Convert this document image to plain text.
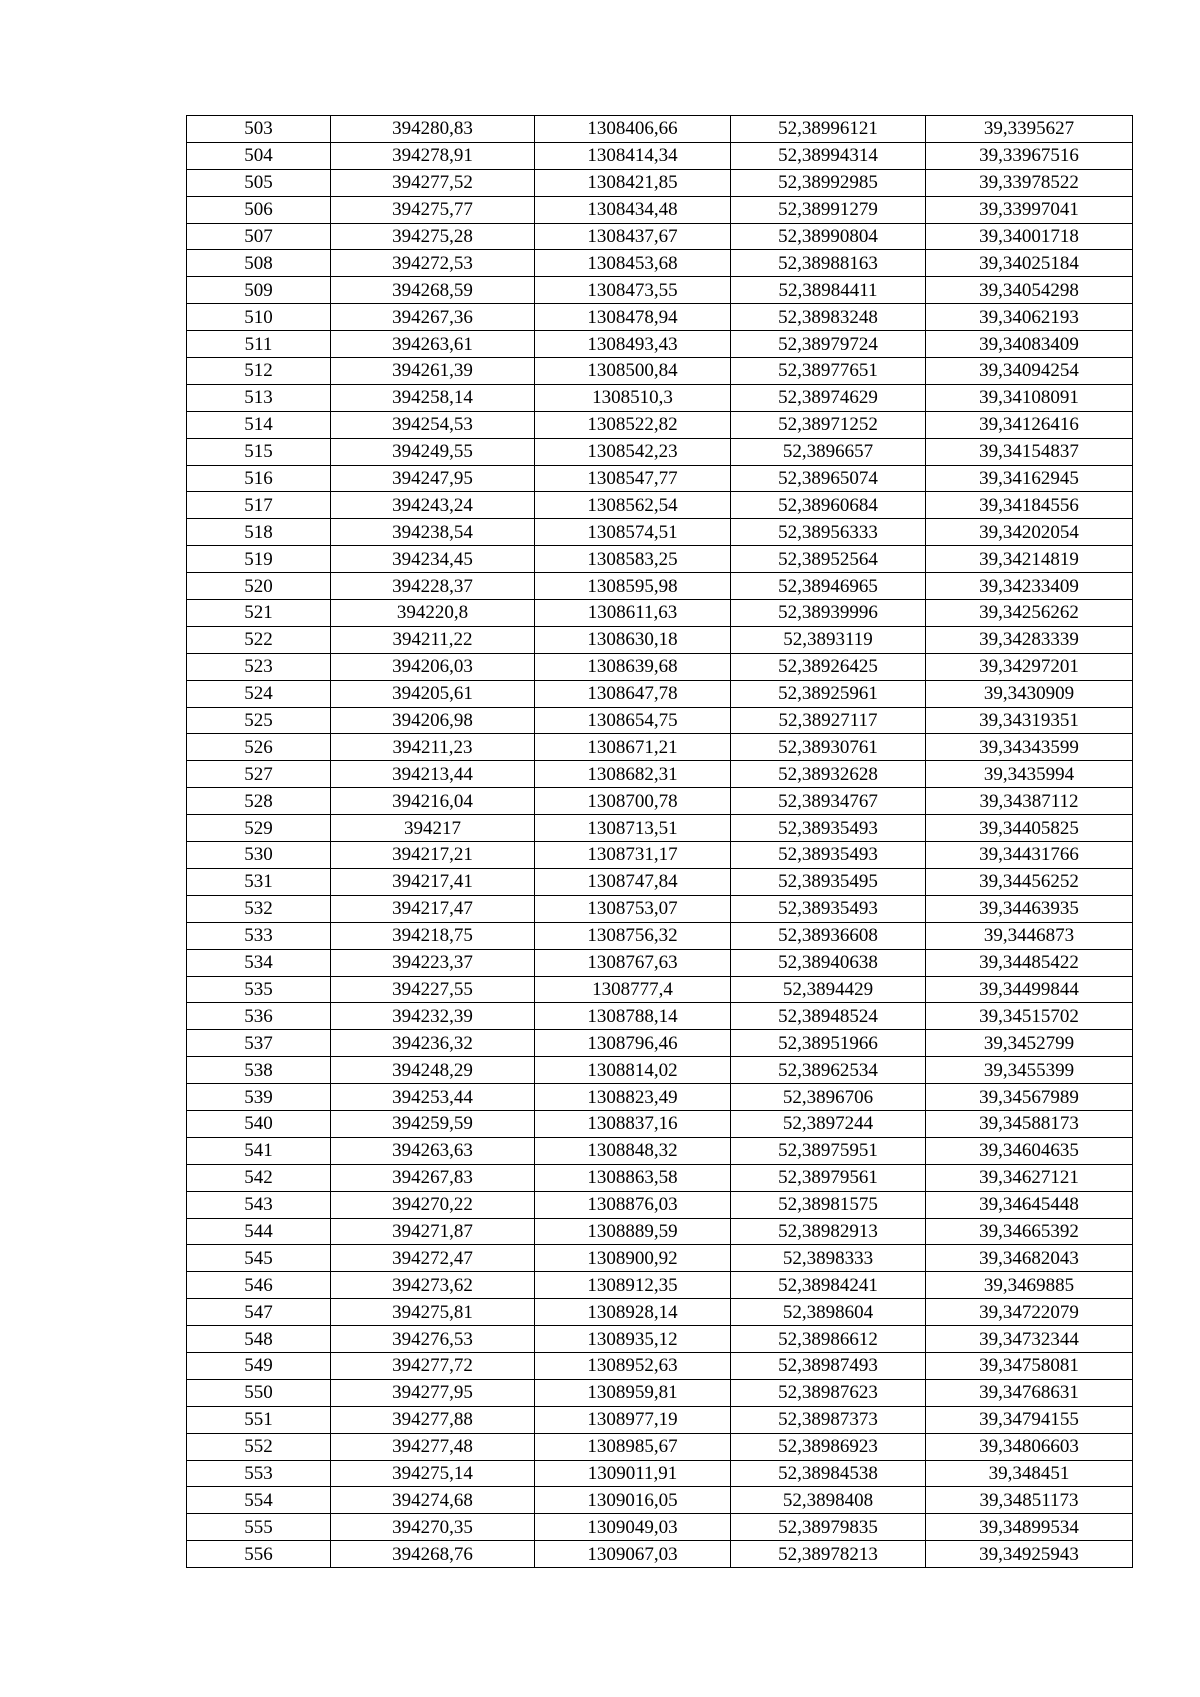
503	394280,83	1308406,66	52,38996121	39,3395627
504	394278,91	1308414,34	52,38994314	39,33967516
505	394277,52	1308421,85	52,38992985	39,33978522
506	394275,77	1308434,48	52,38991279	39,33997041
507	394275,28	1308437,67	52,38990804	39,34001718
508	394272,53	1308453,68	52,38988163	39,34025184
509	394268,59	1308473,55	52,38984411	39,34054298
510	394267,36	1308478,94	52,38983248	39,34062193
511	394263,61	1308493,43	52,38979724	39,34083409
512	394261,39	1308500,84	52,38977651	39,34094254
513	394258,14	1308510,3	52,38974629	39,34108091
514	394254,53	1308522,82	52,38971252	39,34126416
515	394249,55	1308542,23	52,3896657	39,34154837
516	394247,95	1308547,77	52,38965074	39,34162945
517	394243,24	1308562,54	52,38960684	39,34184556
518	394238,54	1308574,51	52,38956333	39,34202054
519	394234,45	1308583,25	52,38952564	39,34214819
520	394228,37	1308595,98	52,38946965	39,34233409
521	394220,8	1308611,63	52,38939996	39,34256262
522	394211,22	1308630,18	52,3893119	39,34283339
523	394206,03	1308639,68	52,38926425	39,34297201
524	394205,61	1308647,78	52,38925961	39,3430909
525	394206,98	1308654,75	52,38927117	39,34319351
526	394211,23	1308671,21	52,38930761	39,34343599
527	394213,44	1308682,31	52,38932628	39,3435994
528	394216,04	1308700,78	52,38934767	39,34387112
529	394217	1308713,51	52,38935493	39,34405825
530	394217,21	1308731,17	52,38935493	39,34431766
531	394217,41	1308747,84	52,38935495	39,34456252
532	394217,47	1308753,07	52,38935493	39,34463935
533	394218,75	1308756,32	52,38936608	39,3446873
534	394223,37	1308767,63	52,38940638	39,34485422
535	394227,55	1308777,4	52,3894429	39,34499844
536	394232,39	1308788,14	52,38948524	39,34515702
537	394236,32	1308796,46	52,38951966	39,3452799
538	394248,29	1308814,02	52,38962534	39,3455399
539	394253,44	1308823,49	52,3896706	39,34567989
540	394259,59	1308837,16	52,3897244	39,34588173
541	394263,63	1308848,32	52,38975951	39,34604635
542	394267,83	1308863,58	52,38979561	39,34627121
543	394270,22	1308876,03	52,38981575	39,34645448
544	394271,87	1308889,59	52,38982913	39,34665392
545	394272,47	1308900,92	52,3898333	39,34682043
546	394273,62	1308912,35	52,38984241	39,3469885
547	394275,81	1308928,14	52,3898604	39,34722079
548	394276,53	1308935,12	52,38986612	39,34732344
549	394277,72	1308952,63	52,38987493	39,34758081
550	394277,95	1308959,81	52,38987623	39,34768631
551	394277,88	1308977,19	52,38987373	39,34794155
552	394277,48	1308985,67	52,38986923	39,34806603
553	394275,14	1309011,91	52,38984538	39,348451
554	394274,68	1309016,05	52,3898408	39,34851173
555	394270,35	1309049,03	52,38979835	39,34899534
556	394268,76	1309067,03	52,38978213	39,34925943
